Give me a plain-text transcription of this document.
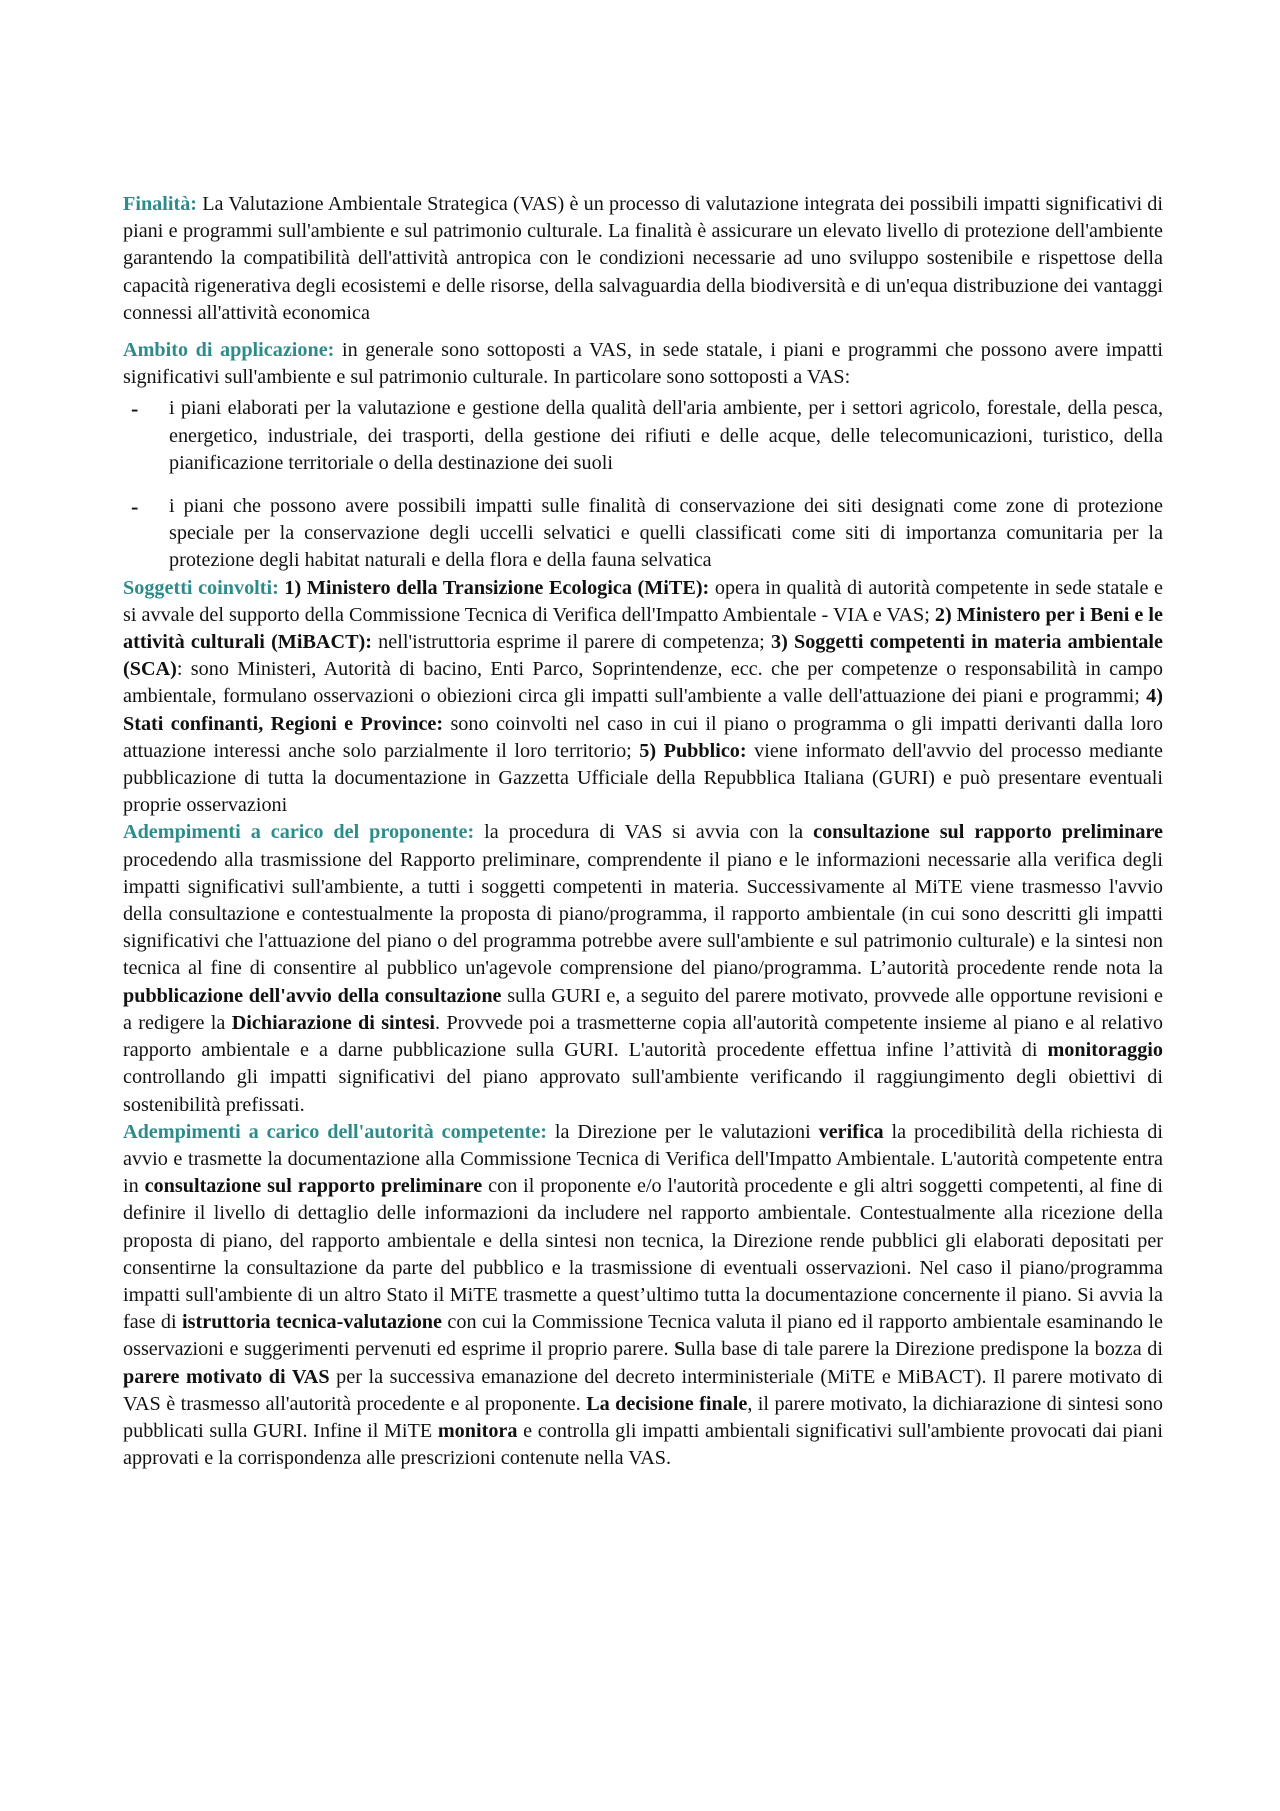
Finalità: La Valutazione Ambientale Strategica (VAS) è un processo di valutazione integrata dei possibili impatti significativi di piani e programmi sull'ambiente e sul patrimonio culturale. La finalità è assicurare un elevato livello di protezione dell'ambiente garantendo la compatibilità dell'attività antropica con le condizioni necessarie ad uno sviluppo sostenibile e rispettose della capacità rigenerativa degli ecosistemi e delle risorse, della salvaguardia della biodiversità e di un'equa distribuzione dei vantaggi connessi all'attività economica

Ambito di applicazione: in generale sono sottoposti a VAS, in sede statale, i piani e programmi che possono avere impatti significativi sull'ambiente e sul patrimonio culturale. In particolare sono sottoposti a VAS:

- i piani elaborati per la valutazione e gestione della qualità dell'aria ambiente, per i settori agricolo, forestale, della pesca, energetico, industriale, dei trasporti, della gestione dei rifiuti e delle acque, delle telecomunicazioni, turistico, della pianificazione territoriale o della destinazione dei suoli
- i piani che possono avere possibili impatti sulle finalità di conservazione dei siti designati come zone di protezione speciale per la conservazione degli uccelli selvatici e quelli classificati come siti di importanza comunitaria per la protezione degli habitat naturali e della flora e della fauna selvatica

Soggetti coinvolti: 1) Ministero della Transizione Ecologica (MiTE): opera in qualità di autorità competente in sede statale e si avvale del supporto della Commissione Tecnica di Verifica dell'Impatto Ambientale - VIA e VAS; 2) Ministero per i Beni e le attività culturali (MiBACT): nell'istruttoria esprime il parere di competenza; 3) Soggetti competenti in materia ambientale (SCA): sono Ministeri, Autorità di bacino, Enti Parco, Soprintendenze, ecc. che per competenze o responsabilità in campo ambientale, formulano osservazioni o obiezioni circa gli impatti sull'ambiente a valle dell'attuazione dei piani e programmi; 4) Stati confinanti, Regioni e Province: sono coinvolti nel caso in cui il piano o programma o gli impatti derivanti dalla loro attuazione interessi anche solo parzialmente il loro territorio; 5) Pubblico: viene informato dell'avvio del processo mediante pubblicazione di tutta la documentazione in Gazzetta Ufficiale della Repubblica Italiana (GURI) e può presentare eventuali proprie osservazioni

Adempimenti a carico del proponente: la procedura di VAS si avvia con la consultazione sul rapporto preliminare procedendo alla trasmissione del Rapporto preliminare, comprendente il piano e le informazioni necessarie alla verifica degli impatti significativi sull'ambiente, a tutti i soggetti competenti in materia. Successivamente al MiTE viene trasmesso l'avvio della consultazione e contestualmente la proposta di piano/programma, il rapporto ambientale (in cui sono descritti gli impatti significativi che l'attuazione del piano o del programma potrebbe avere sull'ambiente e sul patrimonio culturale) e la sintesi non tecnica al fine di consentire al pubblico un'agevole comprensione del piano/programma. L’autorità procedente rende nota la pubblicazione dell'avvio della consultazione sulla GURI e, a seguito del parere motivato, provvede alle opportune revisioni e a redigere la Dichiarazione di sintesi. Provvede poi a trasmetterne copia all'autorità competente insieme al piano e al relativo rapporto ambientale e a darne pubblicazione sulla GURI. L'autorità procedente effettua infine l’attività di monitoraggio controllando gli impatti significativi del piano approvato sull'ambiente verificando il raggiungimento degli obiettivi di sostenibilità prefissati.

Adempimenti a carico dell'autorità competente: la Direzione per le valutazioni verifica la procedibilità della richiesta di avvio e trasmette la documentazione alla Commissione Tecnica di Verifica dell'Impatto Ambientale. L'autorità competente entra in consultazione sul rapporto preliminare con il proponente e/o l'autorità procedente e gli altri soggetti competenti, al fine di definire il livello di dettaglio delle informazioni da includere nel rapporto ambientale. Contestualmente alla ricezione della proposta di piano, del rapporto ambientale e della sintesi non tecnica, la Direzione rende pubblici gli elaborati depositati per consentirne la consultazione da parte del pubblico e la trasmissione di eventuali osservazioni. Nel caso il piano/programma impatti sull'ambiente di un altro Stato il MiTE trasmette a quest’ultimo tutta la documentazione concernente il piano. Si avvia la fase di istruttoria tecnica-valutazione con cui la Commissione Tecnica valuta il piano ed il rapporto ambientale esaminando le osservazioni e suggerimenti pervenuti ed esprime il proprio parere. Sulla base di tale parere la Direzione predispone la bozza di parere motivato di VAS per la successiva emanazione del decreto interministeriale (MiTE e MiBACT). Il parere motivato di VAS è trasmesso all'autorità procedente e al proponente. La decisione finale, il parere motivato, la dichiarazione di sintesi sono pubblicati sulla GURI. Infine il MiTE monitora e controlla gli impatti ambientali significativi sull'ambiente provocati dai piani approvati e la corrispondenza alle prescrizioni contenute nella VAS.
